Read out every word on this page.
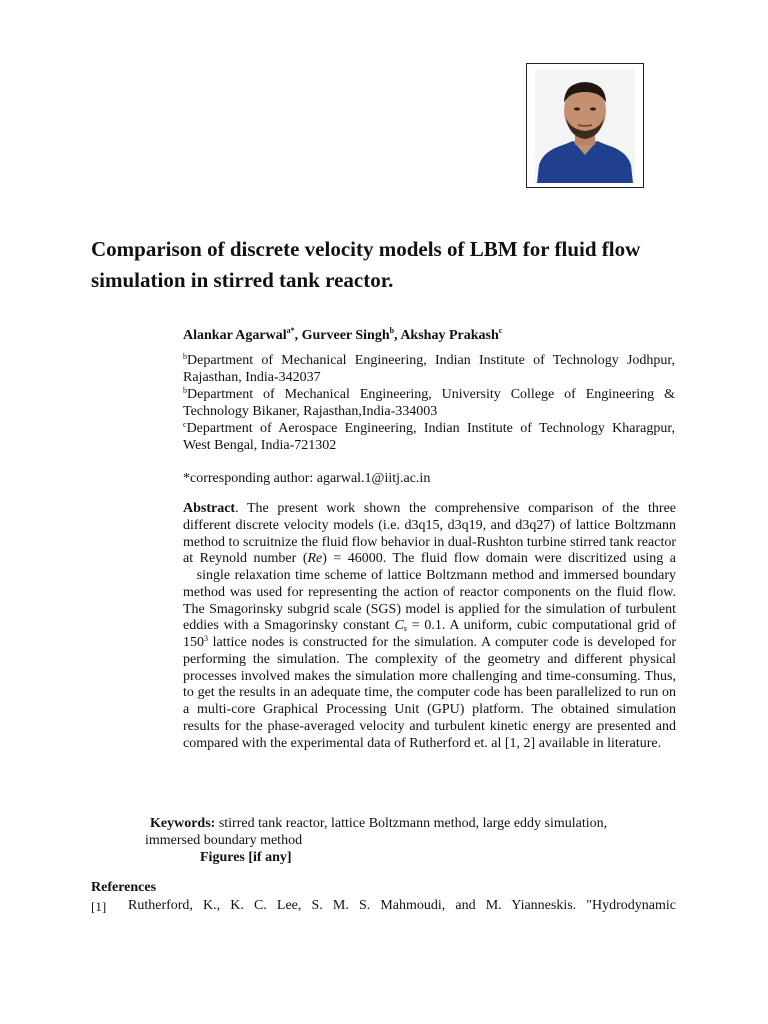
Comparison of discrete velocity models of LBM for fluid flow
simulation in stirred tank reactor.
Alankar Agarwal$^{a*}$, Gurveer Singh$^b$, Akshay Prakash$^c$
$^b$Department of Mechanical Engineering, Indian Institute of Technology Jodhpur, Rajasthan, India-342037
$^b$Department of Mechanical Engineering, University College of Engineering & Technology Bikaner, Rajasthan,India-334003
$^c$Department of Aerospace Engineering, Indian Institute of Technology Kharagpur, West Bengal, India-721302
*corresponding author: agarwal.1@iitj.ac.in

Abstract. The present work shown the comprehensive comparison of the three different discrete velocity models (i.e. d3q15, d3q19, and d3q27) of lattice Boltzmann method to scruitnize the fluid flow behavior in dual-Rushton turbine stirred tank reactor at Reynold number (Re) = 46000. The fluid flow domain were discritized using a    single relaxation time scheme of lattice Boltzmann method and immersed boundary method was used for representing the action of reactor components on the fluid flow. The Smagorinsky subgrid scale (SGS) model is applied for the simulation of turbulent eddies with a Smagorinsky constant $C_s = 0.1$. A uniform, cubic computational grid of $150^3$ lattice nodes is constructed for the simulation. A computer code is developed for performing the simulation. The complexity of the geometry and different physical processes involved makes the simulation more challenging and time-consuming. Thus, to get the results in an adequate time, the computer code has been parallelized to run on a multi-core Graphical Processing Unit (GPU) platform. The obtained simulation results for the phase-averaged velocity and turbulent kinetic energy are presented and compared with the experimental data of Rutherford et. al [1, 2] available in literature.

Keywords: stirred tank reactor, lattice Boltzmann method, large eddy simulation,
immersed boundary method
Figures [if any]
References
[1] Rutherford, K., K. C. Lee, S. M. S. Mahmoudi, and M. Yianneskis. "Hydrodynamic
